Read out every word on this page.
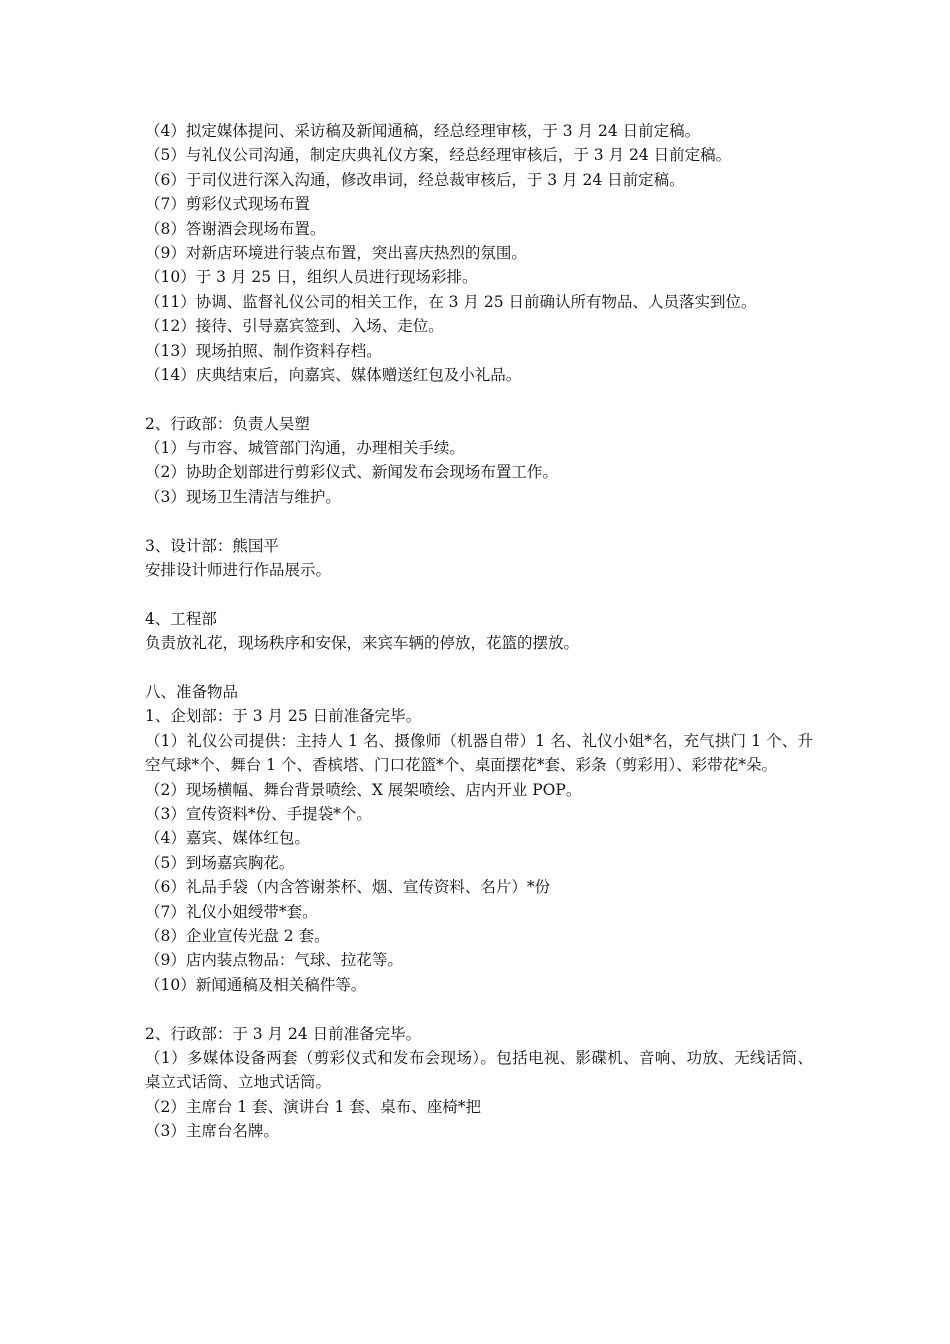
（4）拟定媒体提问、采访稿及新闻通稿，经总经理审核，于 3 月 24 日前定稿。
（5）与礼仪公司沟通，制定庆典礼仪方案，经总经理审核后，于 3 月 24 日前定稿。
（6）于司仪进行深入沟通，修改串词，经总裁审核后，于 3 月 24 日前定稿。
（7）剪彩仪式现场布置
（8）答谢酒会现场布置。
（9）对新店环境进行装点布置，突出喜庆热烈的氛围。
（10）于 3 月 25 日，组织人员进行现场彩排。
（11）协调、监督礼仪公司的相关工作，在 3 月 25 日前确认所有物品、人员落实到位。
（12）接待、引导嘉宾签到、入场、走位。
（13）现场拍照、制作资料存档。
（14）庆典结束后，向嘉宾、媒体赠送红包及小礼品。
2、行政部：负责人吴塑
（1）与市容、城管部门沟通，办理相关手续。
（2）协助企划部进行剪彩仪式、新闻发布会现场布置工作。
（3）现场卫生清洁与维护。
3、设计部：熊国平
安排设计师进行作品展示。
4、工程部
负责放礼花，现场秩序和安保，来宾车辆的停放，花篮的摆放。
八、准备物品
1、企划部：于 3 月 25 日前准备完毕。
（1）礼仪公司提供：主持人 1 名、摄像师（机器自带）1 名、礼仪小姐*名，充气拱门 1 个、升空气球*个、舞台 1 个、香槟塔、门口花篮*个、桌面摆花*套、彩条（剪彩用）、彩带花*朵。
（2）现场横幅、舞台背景喷绘、X 展架喷绘、店内开业 POP。
（3）宣传资料*份、手提袋*个。
（4）嘉宾、媒体红包。
（5）到场嘉宾胸花。
（6）礼品手袋（内含答谢茶杯、烟、宣传资料、名片）*份
（7）礼仪小姐绶带*套。
（8）企业宣传光盘 2 套。
（9）店内装点物品：气球、拉花等。
（10）新闻通稿及相关稿件等。
2、行政部：于 3 月 24 日前准备完毕。
（1）多媒体设备两套（剪彩仪式和发布会现场）。包括电视、影碟机、音响、功放、无线话筒、桌立式话筒、立地式话筒。
（2）主席台 1 套、演讲台 1 套、桌布、座椅*把
（3）主席台名牌。
